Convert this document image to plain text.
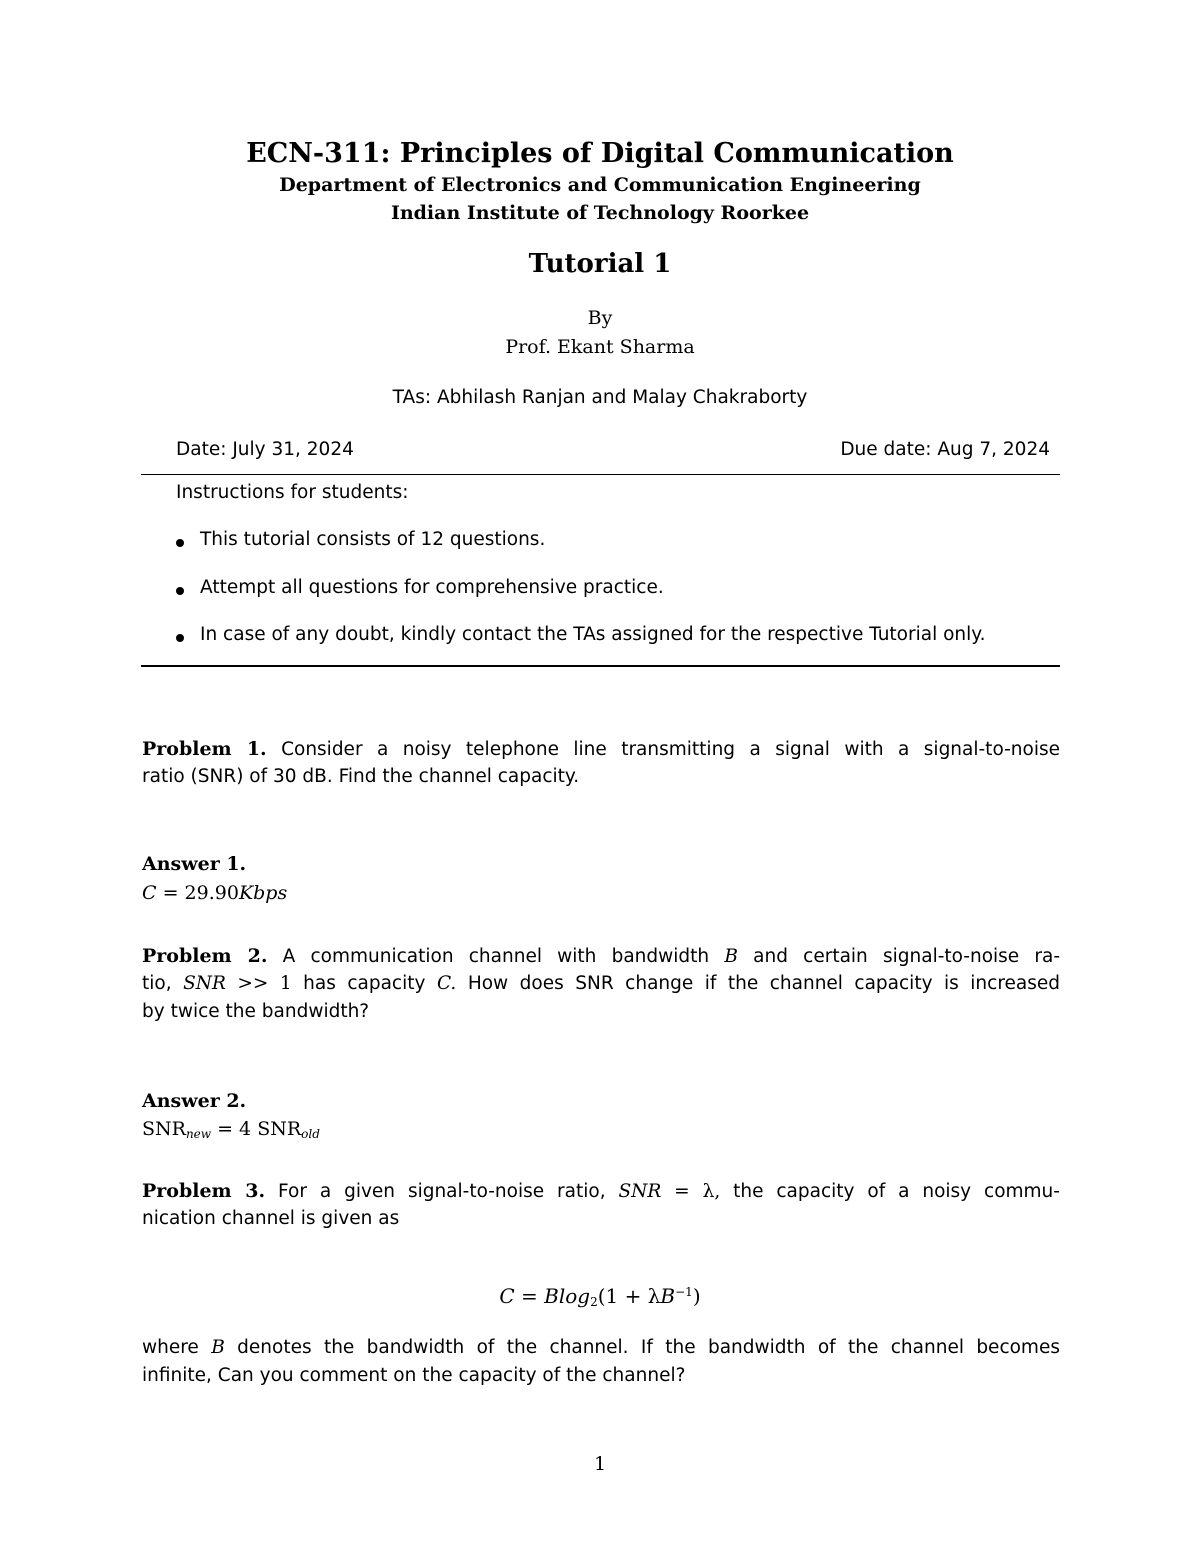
ECN-311: Principles of Digital Communication
Department of Electronics and Communication Engineering
Indian Institute of Technology Roorkee
Tutorial 1
By
Prof. Ekant Sharma
TAs: Abhilash Ranjan and Malay Chakraborty
Date: July 31, 2024	Due date: Aug 7, 2024
Instructions for students:
This tutorial consists of 12 questions.
Attempt all questions for comprehensive practice.
In case of any doubt, kindly contact the TAs assigned for the respective Tutorial only.
Problem 1. Consider a noisy telephone line transmitting a signal with a signal-to-noise
ratio (SNR) of 30 dB. Find the channel capacity.
Answer 1.
C = 29.90Kbps
Problem 2. A communication channel with bandwidth B and certain signal-to-noise ra-
tio, SNR >> 1 has capacity C. How does SNR change if the channel capacity is increased
by twice the bandwidth?
Answer 2.
$SNR_{new} = 4$ $SNR_{old}$
Problem 3. For a given signal-to-noise ratio, SNR = λ, the capacity of a noisy commu-
nication channel is given as
$C = Blog_2(1 + \lambda B^{-1})$
where B denotes the bandwidth of the channel. If the bandwidth of the channel becomes
infinite, Can you comment on the capacity of the channel?
1
